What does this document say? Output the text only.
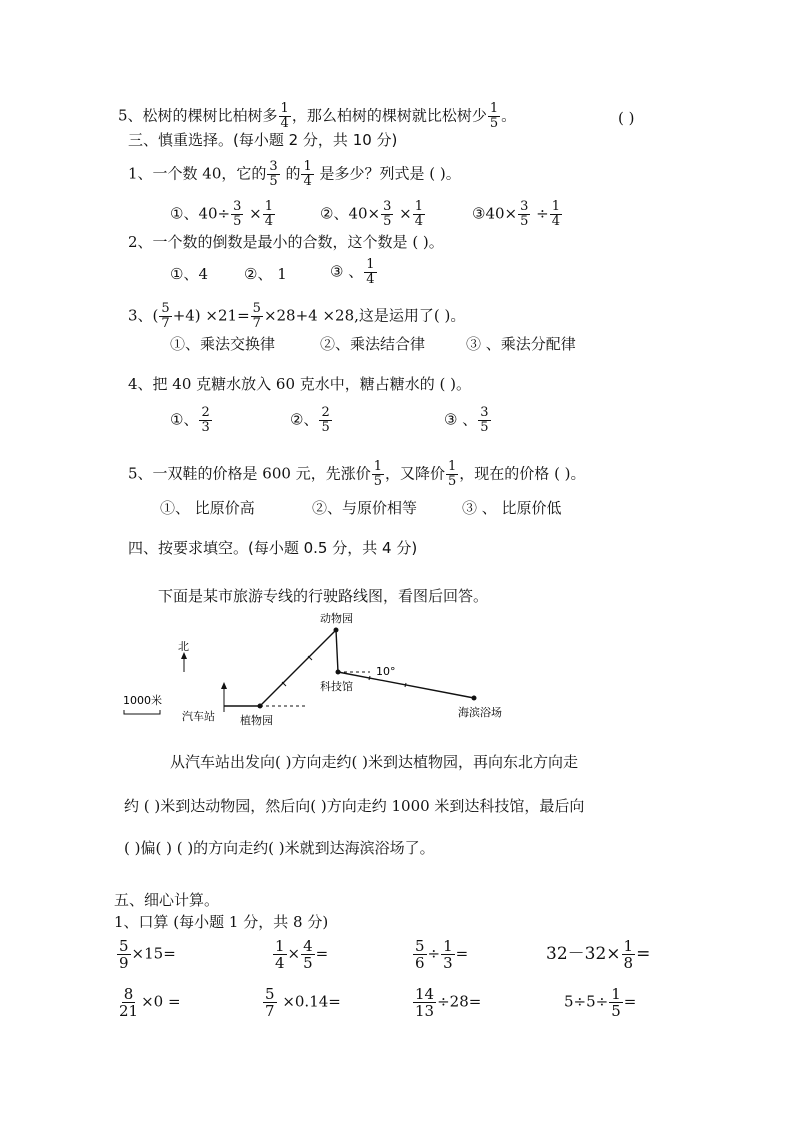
5、松树的棵树比柏树多 $\frac{1}{4}$ ，那么柏树的棵树就比松树少 $\frac{1}{5}$ 。	( )
三、慎重选择。(每小题 2 分，共 10 分)
1、一个数 40，它的 $\frac{3}{5}$ 的 $\frac{1}{4}$ 是多少？列式是 ( )。
①、$40\div \frac{3}{5} \times \frac{1}{4}$	②、$40\times \frac{3}{5} \times \frac{1}{4}$	③40× $\frac{3}{5} \div \frac{1}{4}$
2、一个数的倒数是最小的合数，这个数是 ( )。
①、4 ②、 1	③ 、 $\frac{1}{4}$
3、( $\frac{5}{7} +4) \times 21= \frac{5}{7} \times 28+4 \times 28$,这是运用了( )。
①、乘法交换律	②、乘法结合律	③ 、乘法分配律
4、把 40 克糖水放入 60 克水中，糖占糖水的 ( )。
①、 $\frac{2}{3}$	②、 $\frac{2}{5}$	③ 、 $\frac{3}{5}$
5、一双鞋的价格是 600 元，先涨价 $\frac{1}{5}$ ，又降价 $\frac{1}{5}$ ，现在的价格 ( )。
①、 比原价高	②、与原价相等	③ 、 比原价低
四、按要求填空。(每小题 0.5 分，共 4 分)
下面是某市旅游专线的行驶路线图，看图后回答。
北
1000米
汽车站 植物园
动物园
科技馆
海滨浴场
10°
从汽车站出发向( )方向走约( )米到达植物园，再向东北方向走
约 ( )米到达动物园，然后向( )方向走约 1000 米到达科技馆，最后向
( )偏( ) ( )的方向走约( )米就到达海滨浴场了。
五、细心计算。
1、口算 (每小题 1 分，共 8 分)
$\frac{5}{9} \times 15=$	$\frac{1}{4} \times \frac{4}{5}$ =	$\frac{5}{6} \div \frac{1}{3}$ =	$32-32\times \frac{1}{8}$ =
$\frac{8}{21} \times 0$ =	$\frac{5}{7} \times 0.14=$	$\frac{14}{13} \div 28=$	$5\div 5\div \frac{1}{5}$ =
